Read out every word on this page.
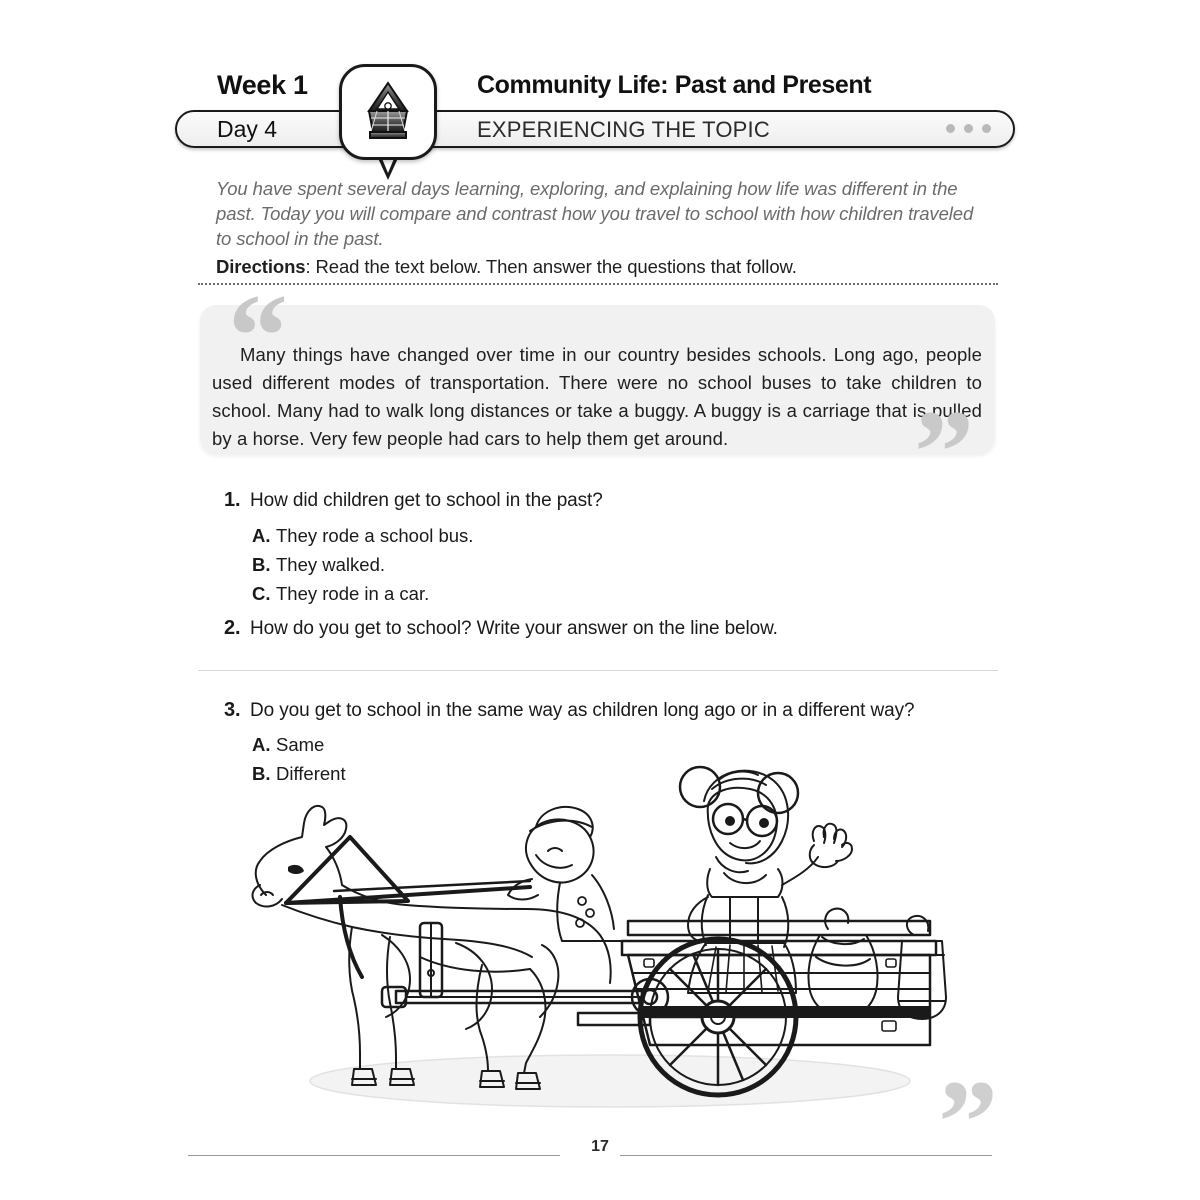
Week 1	Community Life: Past and Present
Day 4	EXPERIENCING THE TOPIC
You have spent several days learning, exploring, and explaining how life was different in the past. Today you will compare and contrast how you travel to school with how children traveled to school in the past.
Directions: Read the text below. Then answer the questions that follow.
“
Many things have changed over time in our country besides schools. Long ago, people used different modes of transportation. There were no school buses to take children to school. Many had to walk long distances or take a buggy. A buggy is a carriage that is pulled by a horse. Very few people had cars to help them get around.	”
1. How did children get to school in the past?
A. They rode a school bus.
B. They walked.
C. They rode in a car.
2. How do you get to school? Write your answer on the line below.
3. Do you get to school in the same way as children long ago or in a different way?
A. Same
B. Different
17	”
